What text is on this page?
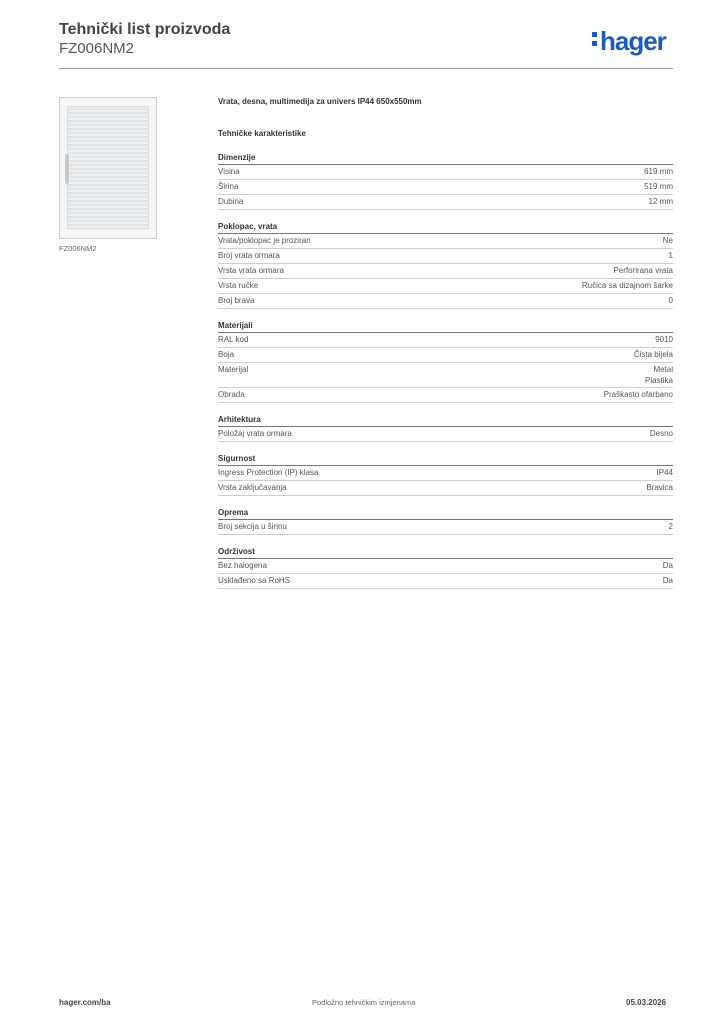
Tehnički list proizvoda
FZ006NM2	hager
FZ006NM2
Vrata, desna, multimedija za univers IP44 650x550mm
Tehničke karakteristike
Dimenzije
Visina	619 mm
Širina	519 mm
Dubina	12 mm
Poklopac, vrata
Vrata/poklopac je proziran	Ne
Broj vrata ormara	1
Vrsta vrata ormara	Perforirana vrata
Vrsta ručke	Ručica sa dizajnom šarke
Broj brava	0
Materijali
RAL kod	9010
Boja	Čista bijela
Materijal	Metal
Plastika
Obrada	Praškasto ofarbano
Arhitektura
Položaj vrata ormara	Desno
Sigurnost
Ingress Protection (IP) klasa	IP44
Vrsta zaključavanja	Bravica
Oprema
Broj sekcija u širinu	2
Održivost
Bez halogena	Da
Usklađeno sa RoHS	Da
hager.com/ba	Podložno tehničkim izmjenama	05.03.2026
